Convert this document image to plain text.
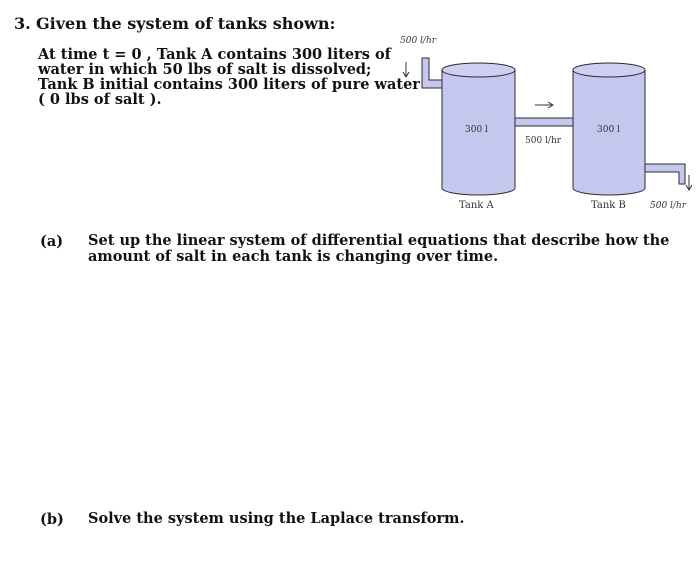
3. Given the system of tanks shown:
At time t = 0 , Tank A contains 300 liters of
water in which 50 lbs of salt is dissolved;
Tank B initial contains 300 liters of pure water
( 0 lbs of salt ).
500 l/hr
500 l/hr
300 l
Tank A
300 l
Tank B	500 l/hr
(a) Set up the linear system of differential equations that describe how the
amount of salt in each tank is changing over time.
(b) Solve the system using the Laplace transform.
